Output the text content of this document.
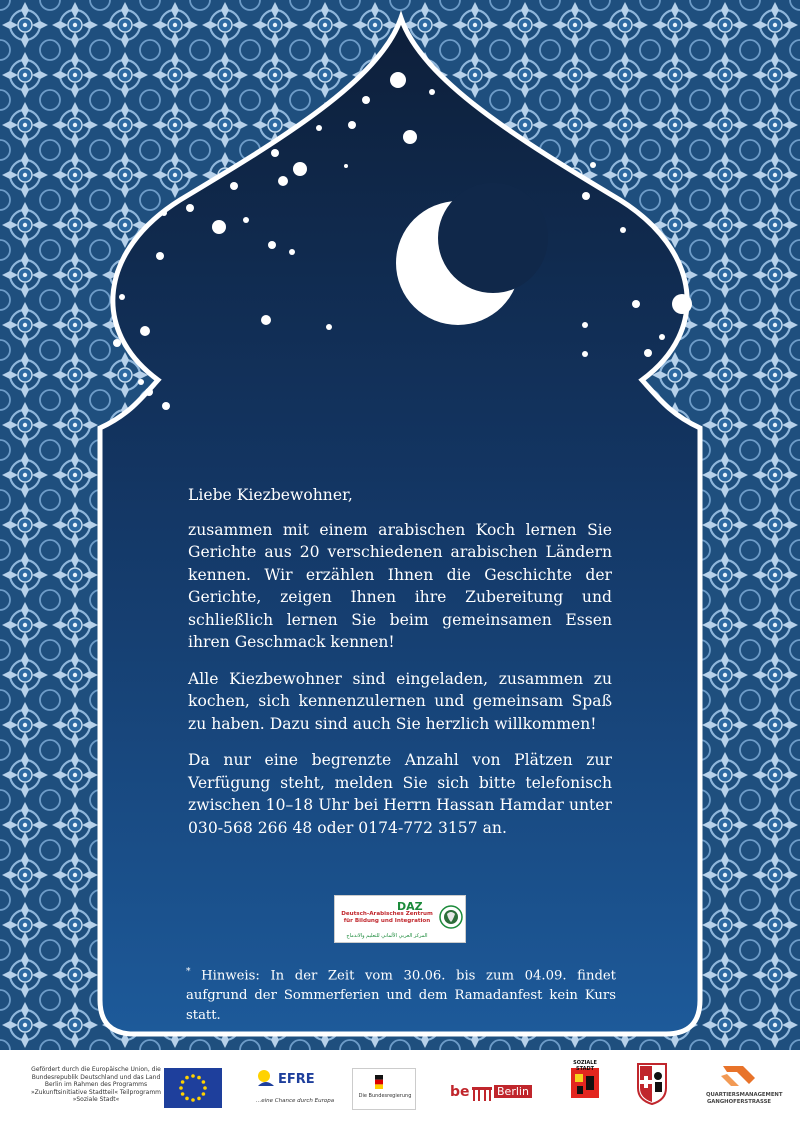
Liebe Kiezbewohner,

zusammen mit einem arabischen Koch lernen Sie Gerichte aus 20 verschiedenen arabischen Ländern kennen. Wir erzählen Ihnen die Geschichte der Gerichte, zeigen Ihnen ihre Zubereitung und schließlich lernen Sie beim gemeinsamen Essen ihren Geschmack kennen!

Alle Kiezbewohner sind eingeladen, zusammen zu kochen, sich kennenzulernen und gemeinsam Spaß zu haben. Dazu sind auch Sie herzlich willkommen!

Da nur eine begrenzte Anzahl von Plätzen zur Verfügung steht, melden Sie sich bitte telefonisch zwischen 10–18 Uhr bei Herrn Hassan Hamdar unter 030-568 266 48 oder 0174-772 3157 an.

DAZ
Deutsch-Arabisches Zentrum für Bildung und Integration
المركز العربي الألماني للتعليم والاندماج
* Hinweis: In der Zeit vom 30.06. bis zum 04.09. findet aufgrund der Sommerferien und dem Ramadanfest kein Kurs statt.
Gefördert durch die Europäische Union, die Bundesrepublik Deutschland und das Land Berlin im Rahmen des Programms »Zukunftsinitiative Stadtteil« Teilprogramm »Soziale Stadt«
EFRE
...eine Chance durch Europa
Die Bundesregierung	be Berlin
SOZIALE STADT
QUARTIERSMANAGEMENT GANGHOFERSTRASSE
